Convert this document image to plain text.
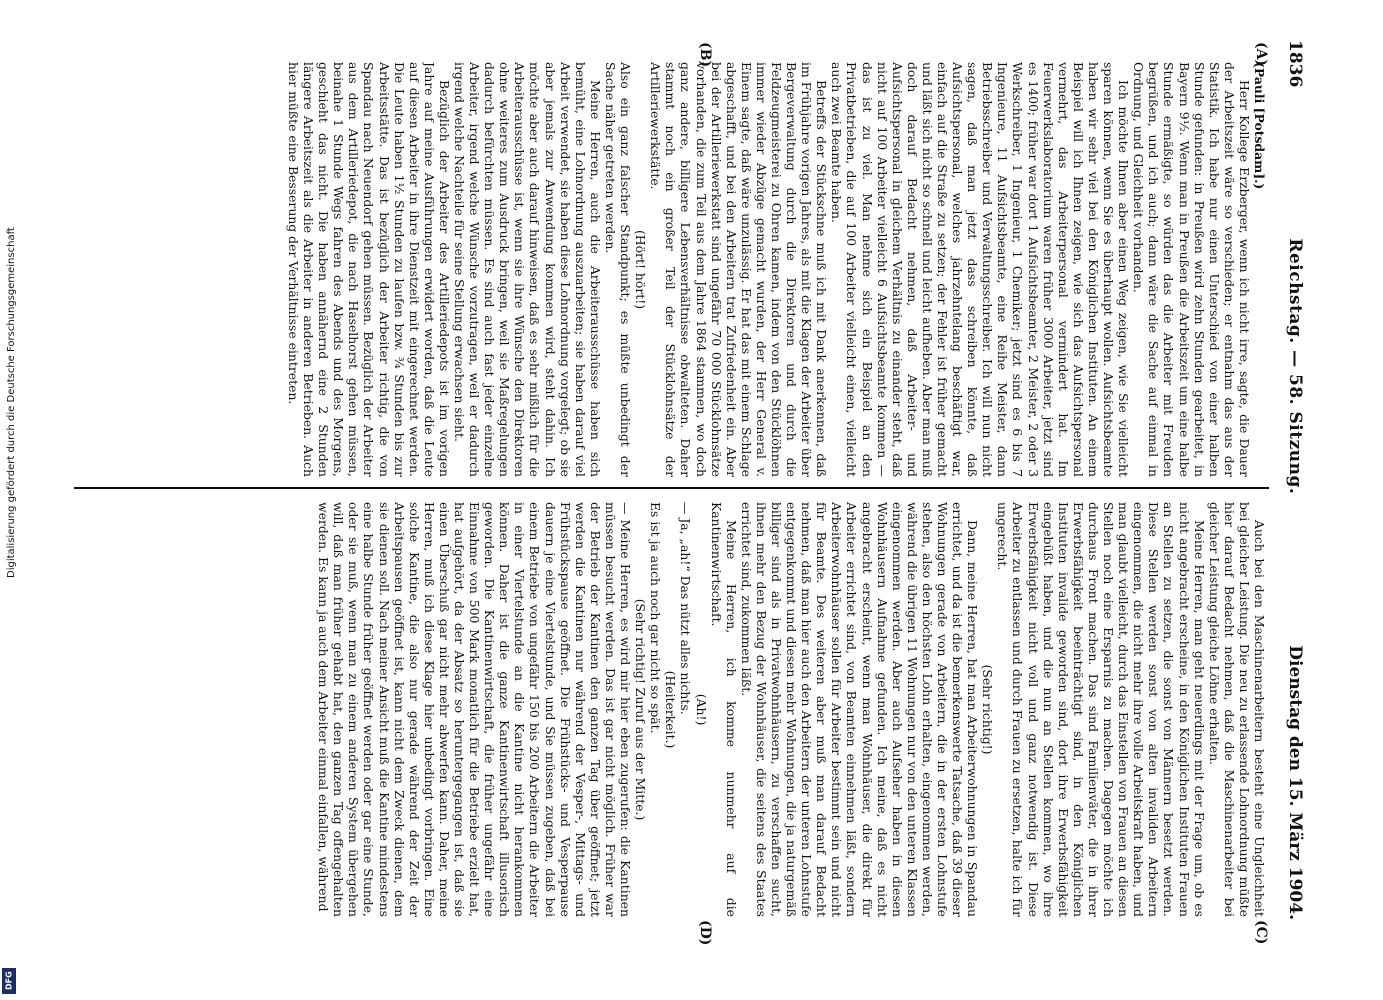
1836
Reichstag. — 58. Sitzung.
Dienstag den 15. März 1904.
(A)
(B)
(C)
(D)

(Pauli [Potsdam].)

Herr Kollege Erzberger, wenn ich nicht irre, sagte, die Dauer der Arbeitszeit wäre so verschieden; er entnahm das aus der Statistik. Ich habe nur einen Unterschied von einer halben Stunde gefunden: in Preußen wird zehn Stunden gearbeitet, in Bayern 9½. Wenn man in Preußen die Arbeitszeit um eine halbe Stunde ermäßigte, so würden das die Arbeiter mit Freuden begrüßen, und ich auch; dann wäre die Sache auf einmal in Ordnung, und Gleichheit vorhanden.

Ich möchte Ihnen aber einen Weg zeigen, wie Sie vielleicht sparen können, wenn Sie es überhaupt wollen. Aufsichtsbeamte haben wir sehr viel bei den Königlichen Instituten. An einem Beispiel will ich Ihnen zeigen, wie sich das Aufsichtspersonal vermehrt, das Arbeiterpersonal vermindert hat. Im Feuerwerkslaboratorium waren früher 3000 Arbeiter, jetzt sind es 1400; früher war dort 1 Aufsichtsbeamter, 2 Meister, 2 oder 3 Werkschreiber, 1 Ingenieur, 1 Chemiker; jetzt sind es 6 bis 7 Ingenieure, 11 Aufsichtsbeamte, eine Reihe Meister, dann Betriebsschreiber und Verwaltungsschreiber. Ich will nun nicht sagen, daß man jetzt dass schreiben könnte, daß Aufsichtspersonal, welches jahrzehntelang beschäftigt war, einfach auf die Straße zu setzen; der Fehler ist früher gemacht und läßt sich nicht so schnell und leicht aufheben. Aber man muß doch darauf Bedacht nehmen, daß Arbeiter- und Aufsichtspersonal in gleichem Verhältnis zu einander steht, daß nicht auf 100 Arbeiter vielleicht 6 Aufsichtsbeamte kommen — das ist zu viel. Man nehme sich ein Beispiel an den Privatbetrieben, die auf 100 Arbeiter vielleicht einen, vielleicht auch zwei Beamte haben.

Betreffs der Stückschne muß ich mit Dank anerkennen, daß im Frühjahre vorigen Jahres, als mit die Klagen der Arbeiter über Bergeverwaltung durch die Direktoren und durch die Feldzeugmeisterei zu Ohren kamen, indem von den Stücklöhnen immer wieder Abzüge gemacht wurden, der Herr General v. Einem sagte, daß wäre unzulässig. Er hat das mit einem Schlage abgeschafft, und bei den Arbeitern trat Zufriedenheit ein. Aber bei der Artilleriewerkstatt sind ungefähr 70 000 Stücklohnsätze vorhanden, die zum Teil aus dem Jahre 1864 stammen, wo doch ganz andere, billigere Lebensverhältnisse obwalteten. Daher stammt noch ein großer Teil der Stücklohnsätze der Artilleriewerkstätte.

(Hört! hört!)

Also ein ganz falscher Standpunkt; es müßte unbedingt der Sache näher getreten werden.

Meine Herren, auch die Arbeiterausschüsse haben sich bemüht, eine Lohnordnung auszuarbeiten; sie haben darauf viel Arbeit verwendet, sie haben diese Lohnordnung vorgelegt; ob sie aber jemals zur Anwendung kommen wird, steht dahin. Ich möchte aber auch darauf hinweisen, daß es sehr mißlich für die Arbeiterausschüsse ist, wenn sie ihre Wünsche den Direktoren ohne weiteres zum Ausdruck bringen, weil sie Maßregelungen dadurch befürchten müssen. Es sind auch fast jeder einzelne Arbeiter, irgend welche Wünsche vorzutragen, weil er dadurch irgend welche Nachteile für seine Stellung erwachsen sieht.

Bezüglich der Arbeiter des Artilleriedepots ist im vorigen Jahre auf meine Ausführungen erwidert worden, daß die Leute auf diesen Arbeiter in ihre Dienstzeit mit eingerechnet werden. Die Leute haben 1½ Stunden zu laufen bzw. ¾ Stunden bis zur Arbeitsstätte. Das ist bezüglich der Arbeiter richtig, die von Spandau nach Neuendorf gehen müssen. Bezüglich der Arbeiter aus dem Artilleriedepot, die nach Haselhorst gehen müssen, beinahe 1 Stunde Wegs fahren des Abends und des Morgens, geschieht das nicht. Die haben annähernd eine 2 Stunden längere Arbeitszeit als die Arbeiter in anderen Betrieben. Auch hier müßte eine Besserung der Verhältnisse eintreten.

Auch bei den Maschinenarbeitern besteht eine Ungleichheit bei gleicher Leistung. Die neu zu erlassende Lohnordnung müßte hier darauf Bedacht nehmen, daß die Maschinenarbeiter bei gleicher Leistung gleiche Löhne erhalten.

Meine Herren, man geht neuerdings mit der Frage um, ob es nicht angebracht erscheine, in den Königlichen Instituten Frauen an Stellen zu setzen, die sonst von Männern besetzt werden. Diese Stellen werden sonst von alten invaliden Arbeitern eingenommen, die nicht mehr ihre volle Arbeitskraft haben, und man glaubt vielleicht, durch das Einstellen von Frauen an diesen Stellen noch eine Ersparnis zu machen. Dagegen möchte ich durchaus Front machen. Das sind Familienväter, die in ihrer Erwerbsfähigkeit beeinträchtigt sind, in den Königlichen Instituten invalide geworden sind, dort ihre Erwerbsfähigkeit eingebüßt haben, und die nun an Stellen kommen, wo ihre Erwerbsfähigkeit nicht voll und ganz notwendig ist. Diese Arbeiter zu entlassen und durch Frauen zu ersetzen, halte ich für ungerecht.

(Sehr richtig!)

Dann, meine Herren, hat man Arbeiterwohnungen in Spandau errichtet, und da ist die bemerkenswerte Tatsache, daß 39 dieser Wohnungen gerade von Arbeitern, die in der ersten Lohnstufe stehen, also den höchsten Lohn erhalten, eingenommen werden, während die übrigen 11 Wohnungen nur von den unteren Klassen eingenommen werden. Aber auch Aufseher haben in diesen Wohnhäusern Aufnahme gefunden. Ich meine, daß es nicht angebracht erscheint, wenn man Wohnhäuser, die direkt für Arbeiter errichtet sind, von Beamten einnehmen läßt, sondern Arbeiterwohnhäuser sollen für Arbeiter bestimmt sein und nicht für Beamte. Des weiteren aber muß man darauf Bedacht nehmen, daß man hier auch den Arbeitern der unteren Lohnstufe entgegenkommt und diesen mehr Wohnungen, die ja naturgemäß billiger sind als in Privatwohnhäusern, zu verschaffen sucht, ihnen mehr den Bezug der Wohnhäuser, die seitens des Staates errichtet sind, zukommen läßt.

Meine Herren, ich komme nunmehr auf die Kantinenwirtschaft.

(Ah!)

— Ja, „ah!“ Das nützt alles nichts.

(Heiterkeit.)

Es ist ja auch noch gar nicht so spät.

(Sehr richtig! Zuruf aus der Mitte.)

— Meine Herren, es wird mir hier eben zugerufen: die Kantinen müssen besucht werden. Das ist gar nicht möglich. Früher war der Betrieb der Kantinen den ganzen Tag über geöffnet; jetzt werden die Kantinen nur während der Vesper-, Mittags- und Frühstückspause geöffnet. Die Frühstücks- und Vesperpause dauern je eine Viertelstunde, und Sie müssen zugeben, daß bei einem Betriebe von ungefähr 150 bis 200 Arbeitern die Arbeiter in einer Viertelstunde an die Kantine nicht herankommen können. Daher ist die ganze Kantinenwirtschaft illusorisch geworden. Die Kantinenwirtschaft, die früher ungefähr eine Einnahme von 500 Mark monatlich für die Betriebe erzielt hat, hat aufgehört, da der Absatz so heruntergegangen ist, daß sie einen Überschuß gar nicht mehr abwerfen kann. Daher, meine Herren, muß ich diese Klage hier unbedingt vorbringen. Eine solche Kantine, die also nur gerade während der Zeit der Arbeitspausen geöffnet ist, kann nicht dem Zweck dienen, dem sie dienen soll. Nach meiner Ansicht muß die Kantine mindestens eine halbe Stunde früher geöffnet werden oder gar eine Stunde, oder sie muß, wenn man zu einem anderen System übergehen will, daß man früher gehabt hat, den ganzen Tag offengehalten werden. Es kann ja auch dem Arbeiter einmal einfallen, während

Digitalisierung gefördert durch die Deutsche Forschungsgemeinschaft
DFG
